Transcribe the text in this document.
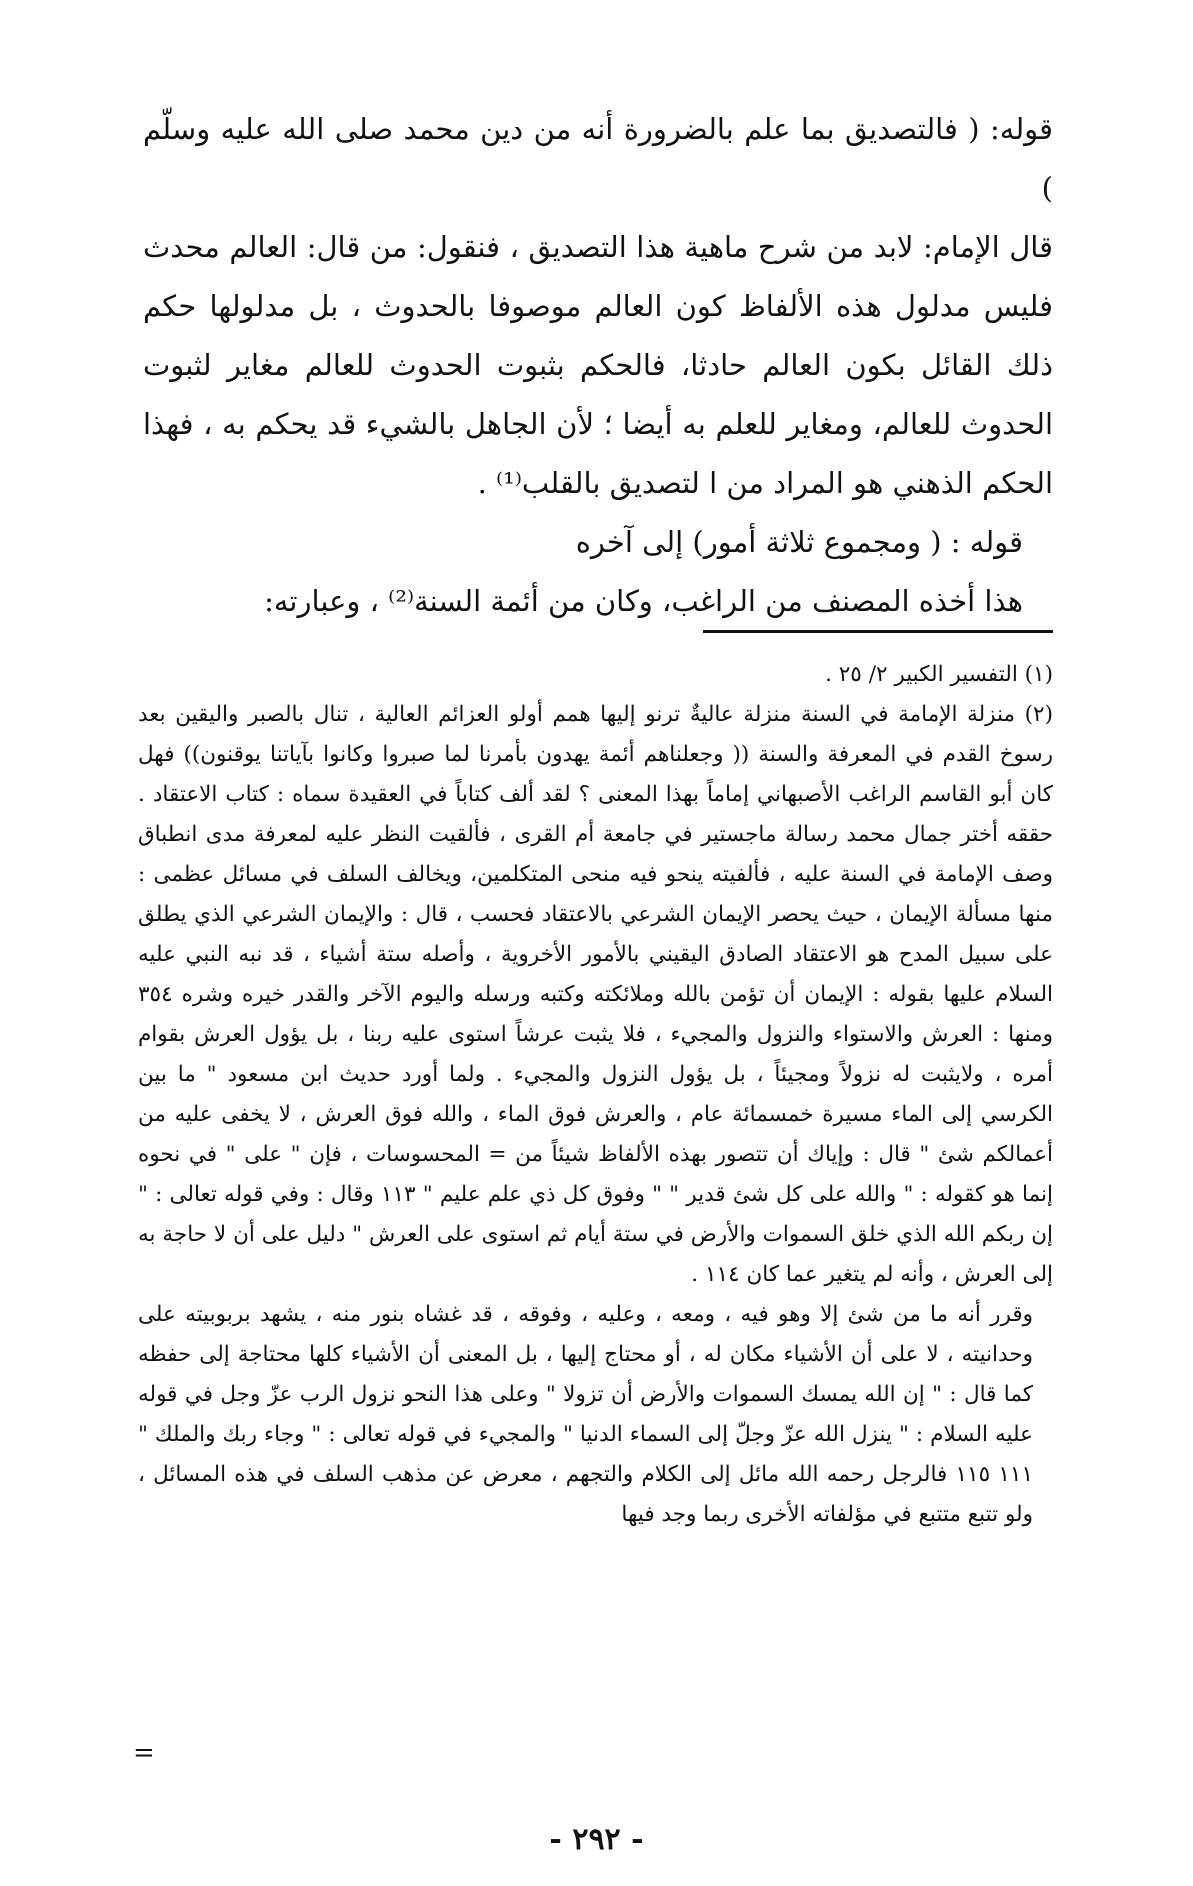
قوله: ( فالتصديق بما علم بالضرورة أنه من دين محمد صلى الله عليه وسلّم )

قال الإمام: لابد من شرح ماهية هذا التصديق ، فنقول: من قال: العالم محدث فليس مدلول هذه الألفاظ كون العالم موصوفا بالحدوث ، بل مدلولها حكم ذلك القائل بكون العالم حادثا، فالحكم بثبوت الحدوث للعالم مغاير لثبوت الحدوث للعالم، ومغاير للعلم به أيضا ؛ لأن الجاهل بالشيء قد يحكم به ، فهذا الحكم الذهني هو المراد من ا لتصديق بالقلب⁽¹⁾ .

قوله : ( ومجموع ثلاثة أمور) إلى آخره

هذا أخذه المصنف من الراغب، وكان من أئمة السنة⁽²⁾ ، وعبارته:

(١) التفسير الكبير ٢/ ٢٥ .

(٢) منزلة الإمامة في السنة منزلة عاليةٌ ترنو إليها همم أولو العزائم العالية ، تنال بالصبر واليقين بعد رسوخ القدم في المعرفة والسنة (( وجعلناهم أئمة يهدون بأمرنا لما صبروا وكانوا بآياتنا يوقنون)) فهل كان أبو القاسم الراغب الأصبهاني إماماً بهذا المعنى ؟ لقد ألف كتاباً في العقيدة سماه : كتاب الاعتقاد . حققه أختر جمال محمد رسالة ماجستير في جامعة أم القرى ، فألقيت النظر عليه لمعرفة مدى انطباق وصف الإمامة في السنة عليه ، فألفيته ينحو فيه منحى المتكلمين، ويخالف السلف في مسائل عظمى : منها مسألة الإيمان ، حيث يحصر الإيمان الشرعي بالاعتقاد فحسب ، قال : والإيمان الشرعي الذي يطلق على سبيل المدح هو الاعتقاد الصادق اليقيني بالأمور الأخروية ، وأصله ستة أشياء ، قد نبه النبي عليه السلام عليها بقوله : الإيمان أن تؤمن بالله وملائكته وكتبه ورسله واليوم الآخر والقدر خيره وشره ٣٥٤ ومنها : العرش والاستواء والنزول والمجيء ، فلا يثبت عرشاً استوى عليه ربنا ، بل يؤول العرش بقوام أمره ، ولايثبت له نزولاً ومجيئاً ، بل يؤول النزول والمجيء . ولما أورد حديث ابن مسعود " ما بين الكرسي إلى الماء مسيرة خمسمائة عام ، والعرش فوق الماء ، والله فوق العرش ، لا يخفى عليه من أعمالكم شئ " قال : وإياك أن تتصور بهذه الألفاظ شيئاً من = المحسوسات ، فإن " على " في نحوه إنما هو كقوله : " والله على كل شئ قدير " " وفوق كل ذي علم عليم " ١١٣ وقال : وفي قوله تعالى : " إن ربكم الله الذي خلق السموات والأرض في ستة أيام ثم استوى على العرش " دليل على أن لا حاجة به إلى العرش ، وأنه لم يتغير عما كان ١١٤ .

وقرر أنه ما من شئ إلا وهو فيه ، ومعه ، وعليه ، وفوقه ، قد غشاه بنور منه ، يشهد بربوبيته على وحدانيته ، لا على أن الأشياء مكان له ، أو محتاج إليها ، بل المعنى أن الأشياء كلها محتاجة إلى حفظه كما قال : " إن الله يمسك السموات والأرض أن تزولا " وعلى هذا النحو نزول الرب عزّ وجل في قوله عليه السلام : " ينزل الله عزّ وجلّ إلى السماء الدنيا " والمجيء في قوله تعالى : " وجاء ربك والملك " ١١١ ١١٥ فالرجل رحمه الله مائل إلى الكلام والتجهم ، معرض عن مذهب السلف في هذه المسائل ، ولو تتبع متتبع في مؤلفاته الأخرى ربما وجد فيها

=
- ٢٩٢ -
